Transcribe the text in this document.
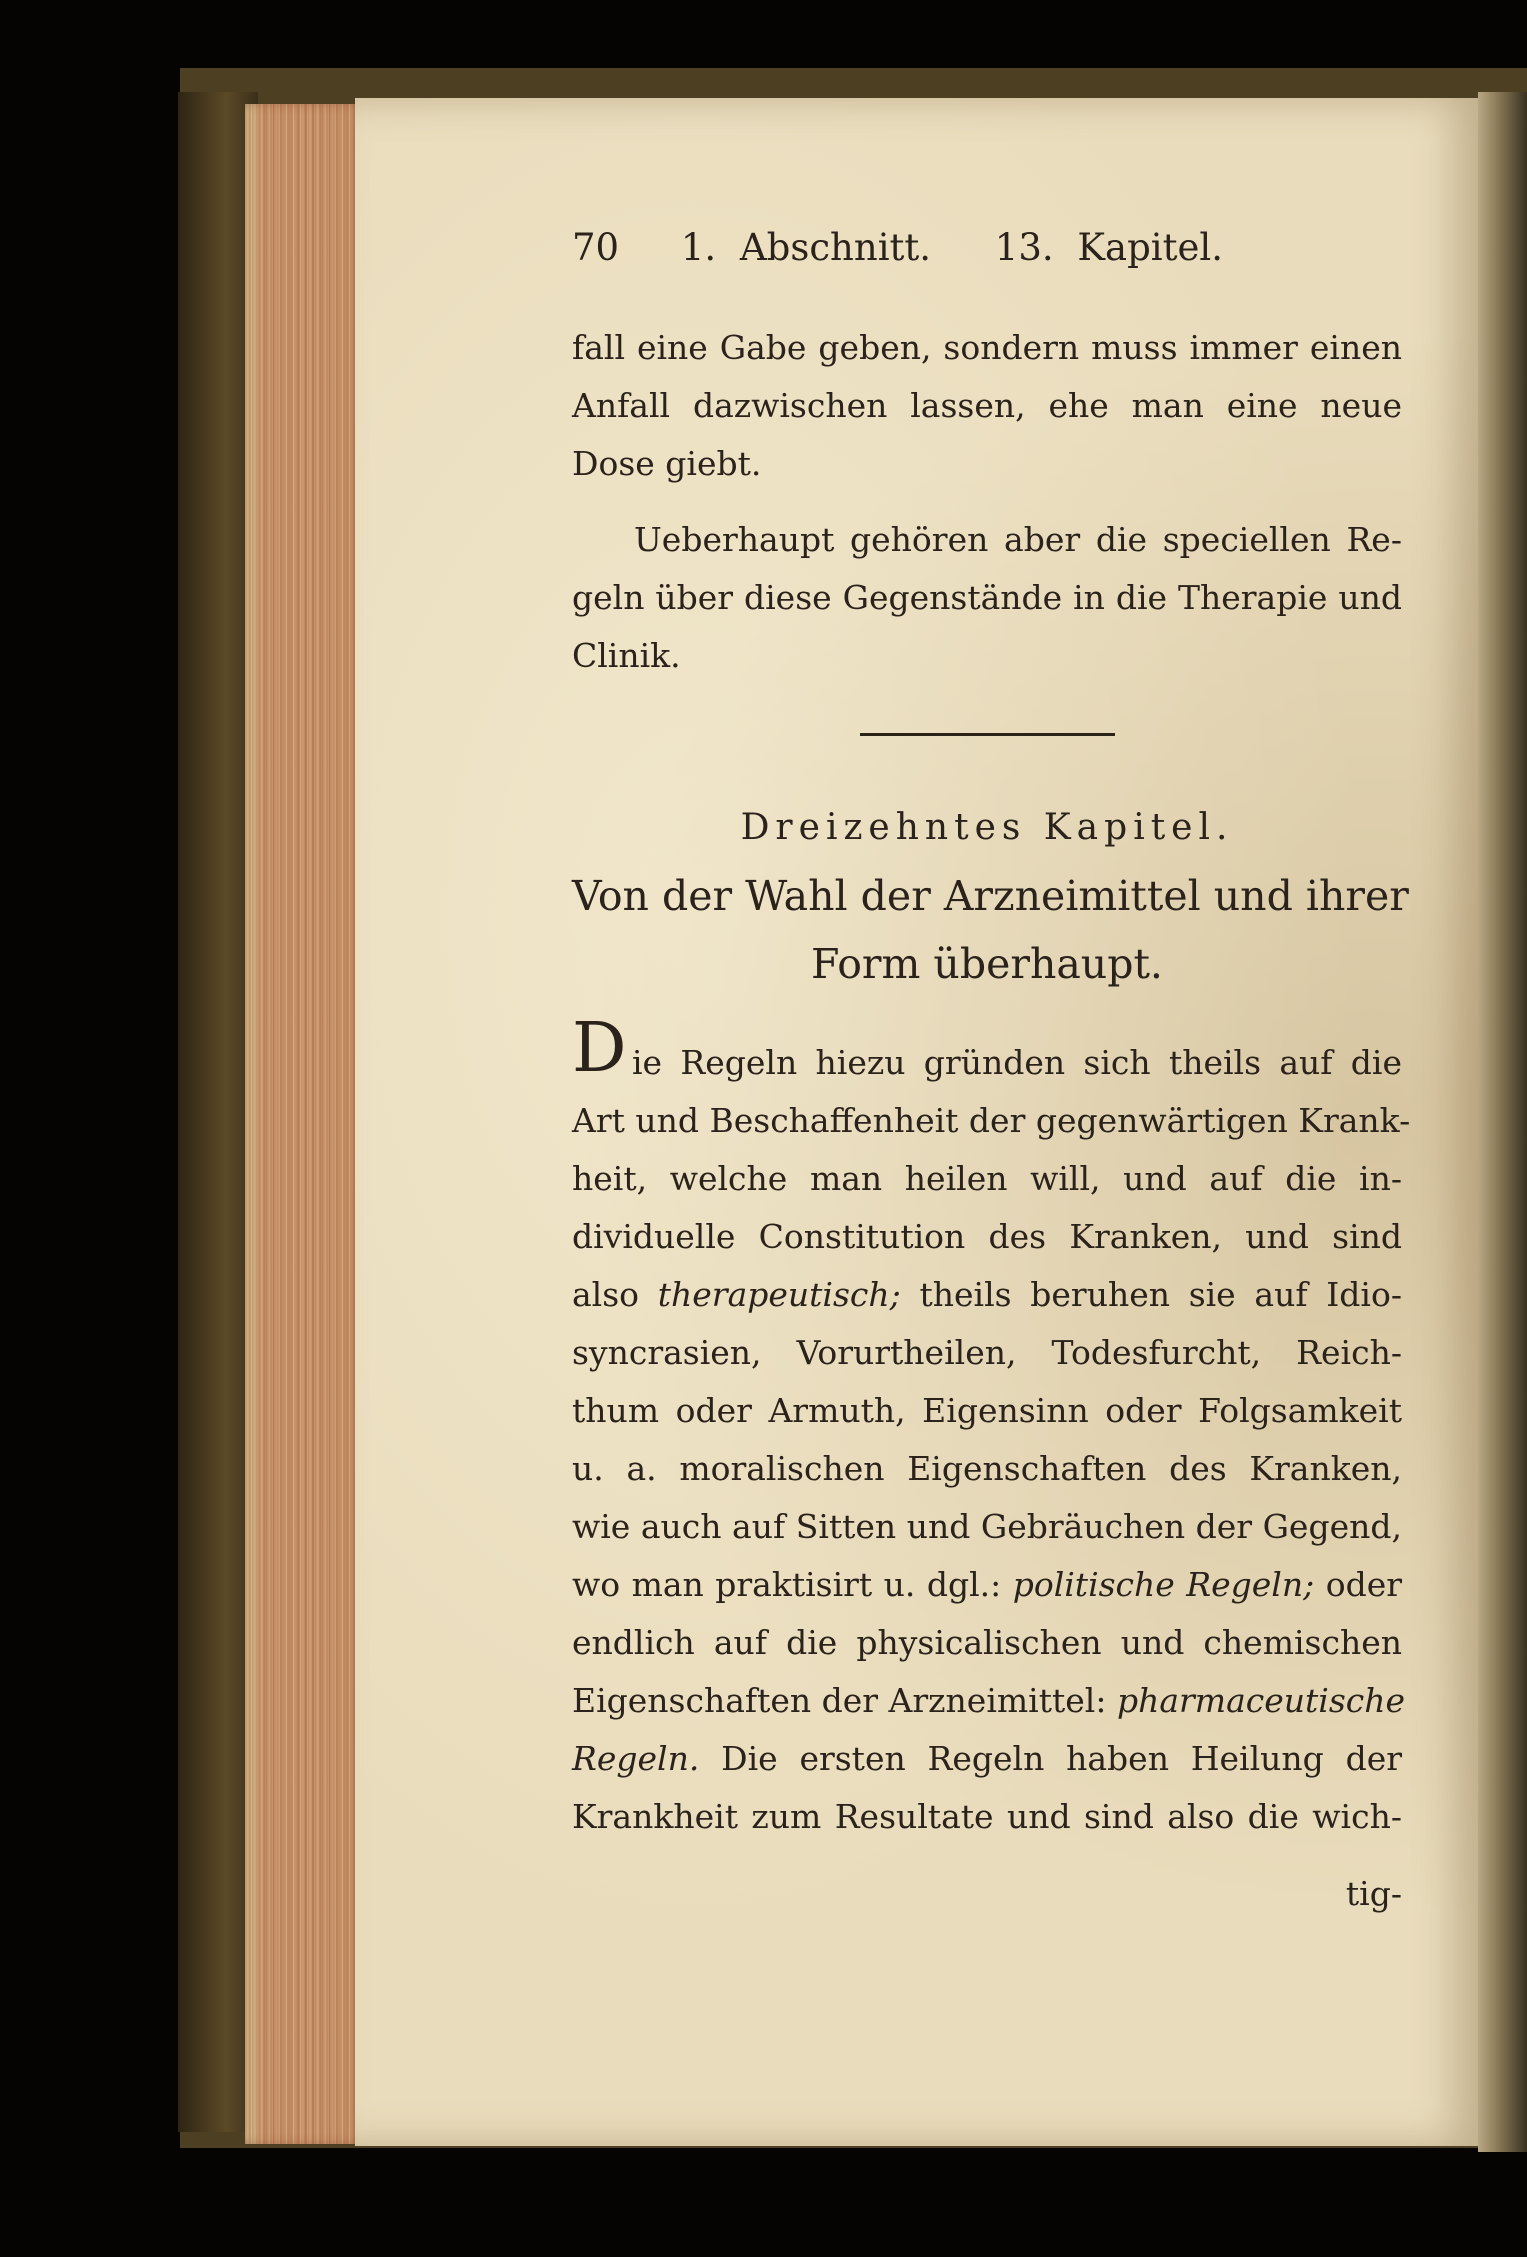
70 1. Abschnitt. 13. Kapitel.
fall eine Gabe geben, sondern muss immer einen
Anfall dazwischen lassen, ehe man eine neue
Dose giebt.
Ueberhaupt gehören aber die speciellen Re-
geln über diese Gegenstände in die Therapie und
Clinik.
Dreizehntes Kapitel.
Von der Wahl der Arzneimittel und ihrer
Form überhaupt.
ie Regeln hiezu gründen sich theils auf die
Art und Beschaffenheit der gegenwärtigen Krank-
heit, welche man heilen will, und auf die in-
dividuelle Constitution des Kranken, und sind
also therapeutisch; theils beruhen sie auf Idio-
syncrasien, Vorurtheilen, Todesfurcht, Reich-
thum oder Armuth, Eigensinn oder Folgsamkeit
u. a. moralischen Eigenschaften des Kranken,
wie auch auf Sitten und Gebräuchen der Gegend,
wo man praktisirt u. dgl.: politische Regeln; oder
endlich auf die physicalischen und chemischen
Eigenschaften der Arzneimittel: pharmaceutische
Regeln. Die ersten Regeln haben Heilung der
Krankheit zum Resultate und sind also die wich-
tig-
D
